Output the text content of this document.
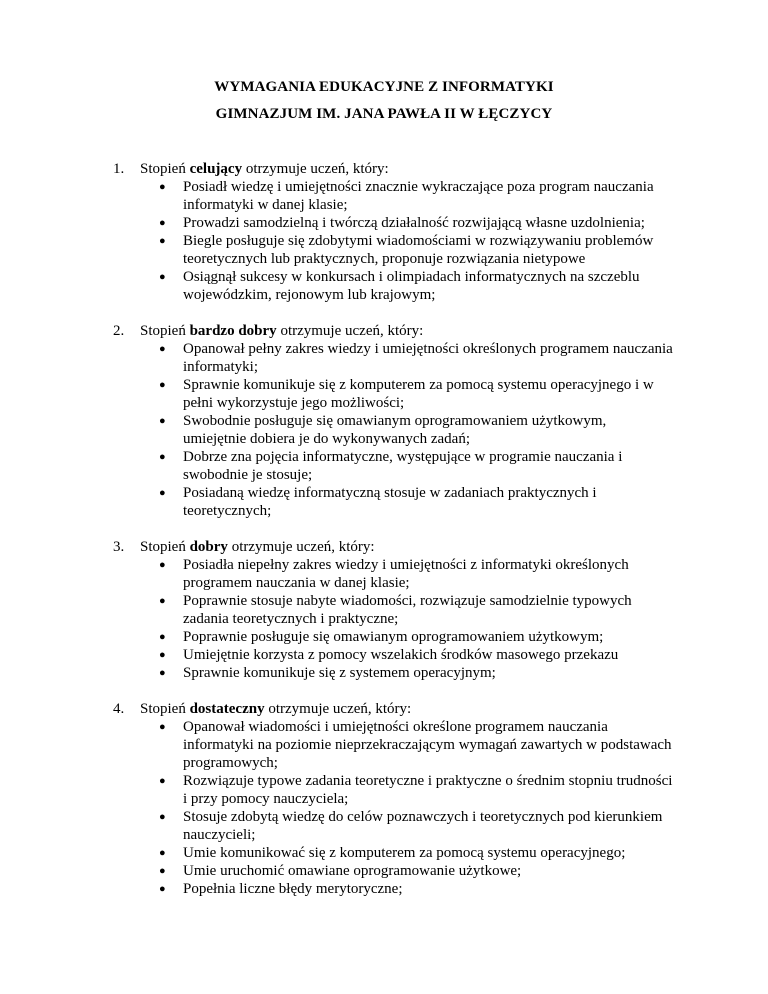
WYMAGANIA EDUKACYJNE Z INFORMATYKI
GIMNAZJUM IM. JANA PAWŁA II W ŁĘCZYCY
1.	Stopień celujący otrzymuje uczeń, który:
● Posiadł wiedzę i umiejętności znacznie wykraczające poza program nauczania informatyki w danej klasie;
● Prowadzi samodzielną i twórczą działalność rozwijającą własne uzdolnienia;
● Biegle posługuje się zdobytymi wiadomościami w rozwiązywaniu problemów teoretycznych lub praktycznych, proponuje rozwiązania nietypowe
● Osiągnął sukcesy w konkursach i olimpiadach informatycznych na szczeblu wojewódzkim, rejonowym lub krajowym;
2.	Stopień bardzo dobry otrzymuje uczeń, który:
● Opanował pełny zakres wiedzy i umiejętności określonych programem nauczania informatyki;
● Sprawnie komunikuje się z komputerem za pomocą systemu operacyjnego i w pełni wykorzystuje jego możliwości;
● Swobodnie posługuje się omawianym oprogramowaniem użytkowym, umiejętnie dobiera je do wykonywanych zadań;
● Dobrze zna pojęcia informatyczne, występujące w programie nauczania i swobodnie je stosuje;
● Posiadaną wiedzę informatyczną stosuje w zadaniach praktycznych i teoretycznych;
3.	Stopień dobry otrzymuje uczeń, który:
● Posiadła niepełny zakres wiedzy i umiejętności z informatyki określonych programem nauczania w danej klasie;
● Poprawnie stosuje nabyte wiadomości, rozwiązuje samodzielnie typowych zadania teoretycznych i praktyczne;
● Poprawnie posługuje się omawianym oprogramowaniem użytkowym;
● Umiejętnie korzysta z pomocy wszelakich środków masowego przekazu
● Sprawnie komunikuje się z systemem operacyjnym;
4.	Stopień dostateczny otrzymuje uczeń, który:
● Opanował wiadomości i umiejętności określone programem nauczania informatyki na poziomie nieprzekraczającym wymagań zawartych w podstawach programowych;
● Rozwiązuje typowe zadania teoretyczne i praktyczne o średnim stopniu trudności i przy pomocy nauczyciela;
● Stosuje zdobytą wiedzę do celów poznawczych i teoretycznych pod kierunkiem nauczycieli;
● Umie komunikować się z komputerem za pomocą systemu operacyjnego;
● Umie uruchomić omawiane oprogramowanie użytkowe;
● Popełnia liczne błędy merytoryczne;
